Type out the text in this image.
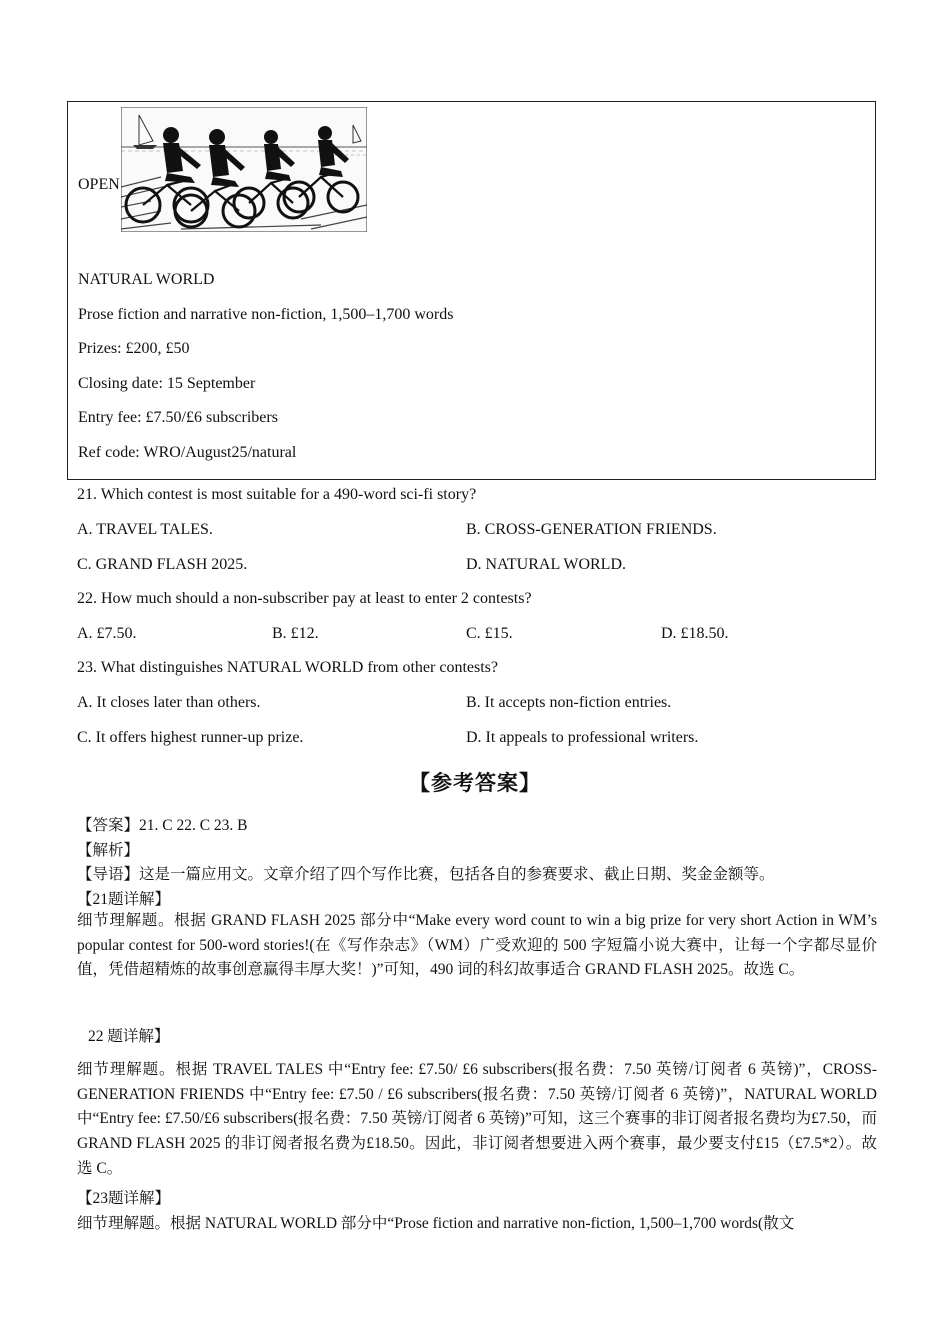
OPEN
NATURAL WORLD
Prose fiction and narrative non-fiction, 1,500–1,700 words
Prizes: £200, £50
Closing date: 15 September
Entry fee: £7.50/£6 subscribers
Ref code: WRO/August25/natural
21. Which contest is most suitable for a 490-word sci-fi story?
A. TRAVEL TALES.	B. CROSS-GENERATION FRIENDS.
C. GRAND FLASH 2025.	D. NATURAL WORLD.
22. How much should a non-subscriber pay at least to enter 2 contests?
A. £7.50.	B. £12.	C. £15.	D. £18.50.
23. What distinguishes NATURAL WORLD from other contests?
A. It closes later than others.	B. It accepts non-fiction entries.
C. It offers highest runner-up prize.	D. It appeals to professional writers.
【参考答案】
【答案】21. C 22. C 23. B
【解析】
【导语】这是一篇应用文。文章介绍了四个写作比赛，包括各自的参赛要求、截止日期、奖金金额等。
【21题详解】
细节理解题。根据 GRAND FLASH 2025 部分中“Make every word count to win a big prize for very short Action in WM’s popular contest for 500-word stories!(在《写作杂志》（WM）广受欢迎的 500 字短篇小说大赛中，让每一个字都尽显价值，凭借超精炼的故事创意赢得丰厚大奖！)”可知，490 词的科幻故事适合 GRAND FLASH 2025。故选 C。
22 题详解】
细节理解题。根据 TRAVEL TALES 中“Entry fee: £7.50/ £6 subscribers(报名费：7.50 英镑/订阅者 6 英镑)”，CROSS-GENERATION FRIENDS 中“Entry fee: £7.50 / £6 subscribers(报名费：7.50 英镑/订阅者 6 英镑)”，NATURAL WORLD 中“Entry fee: £7.50/£6 subscribers(报名费：7.50 英镑/订阅者 6 英镑)”可知，这三个赛事的非订阅者报名费均为£7.50，而 GRAND FLASH 2025 的非订阅者报名费为£18.50。因此，非订阅者想要进入两个赛事，最少要支付£15（£7.5*2）。故选 C。
【23题详解】
细节理解题。根据 NATURAL WORLD 部分中“Prose fiction and narrative non-fiction, 1,500–1,700 words(散文
